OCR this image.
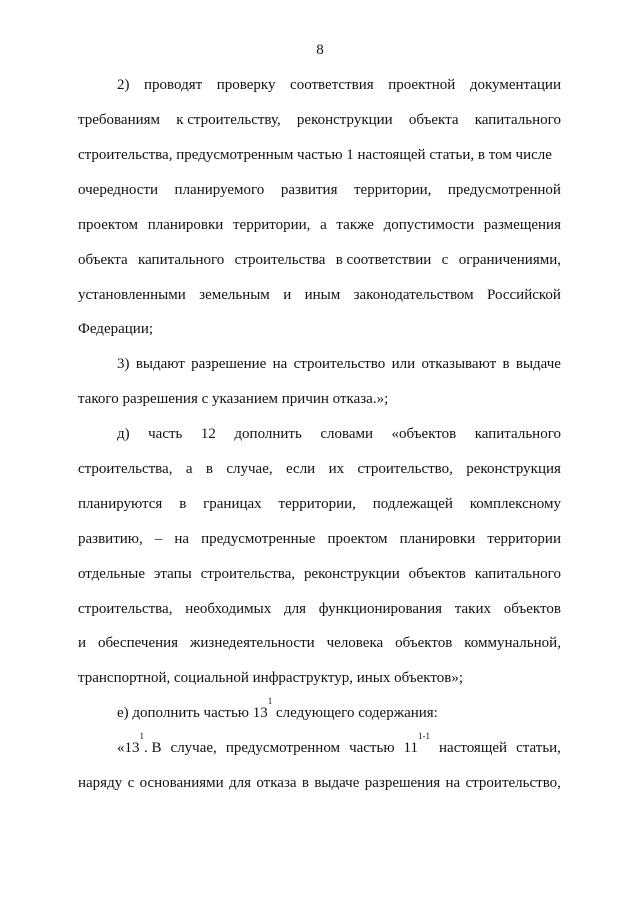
8
2) проводят проверку соответствия проектной документации
требованиям к строительству, реконструкции объекта капитального
строительства, предусмотренным частью 1 настоящей статьи, в том числе
очередности планируемого развития территории, предусмотренной
проектом планировки территории, а также допустимости размещения
объекта капитального строительства в соответствии с ограничениями,
установленными земельным и иным законодательством Российской
Федерации;
3) выдают разрешение на строительство или отказывают в выдаче
такого разрешения с указанием причин отказа.»;
д) часть 12 дополнить словами «объектов капитального
строительства, а в случае, если их строительство, реконструкция
планируются в границах территории, подлежащей комплексному
развитию, – на предусмотренные проектом планировки территории
отдельные этапы строительства, реконструкции объектов капитального
строительства, необходимых для функционирования таких объектов
и обеспечения жизнедеятельности человека объектов коммунальной,
транспортной, социальной инфраструктур, иных объектов»;
е) дополнить частью $13^1$ следующего содержания:
«$13^1$. В случае, предусмотренном частью 11$^{1-1}$
настоящей статьи,
наряду с основаниями для отказа в выдаче разрешения на строительство,
